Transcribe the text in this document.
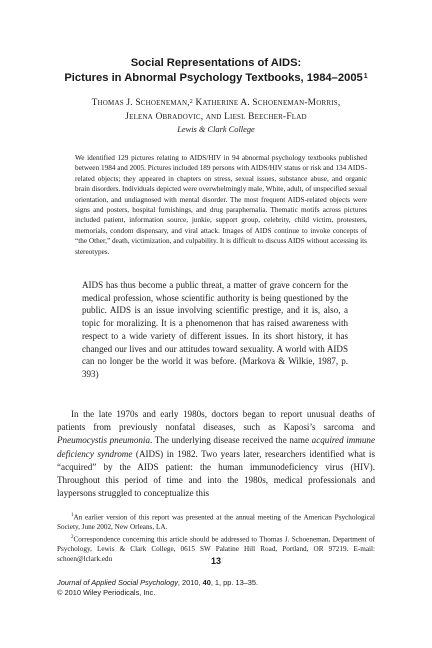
Social Representations of AIDS:
Pictures in Abnormal Psychology Textbooks, 1984–2005$^1$
Thomas J. Schoeneman,$^2$ Katherine A. Schoeneman-Morris,
Jelena Obradovic, and Liesl Beecher-Flad
Lewis & Clark College

We identified 129 pictures relating to AIDS/HIV in 94 abnormal psychology textbooks published between 1984 and 2005. Pictures included 189 persons with AIDS/HIV status or risk and 134 AIDS-related objects; they appeared in chapters on stress, sexual issues, substance abuse, and organic brain disorders. Individuals depicted were overwhelmingly male, White, adult, of unspecified sexual orientation, and undiagnosed with mental disorder. The most frequent AIDS-related objects were signs and posters, hospital furnishings, and drug paraphernalia. Thematic motifs across pictures included patient, information source, junkie, support group, celebrity, child victim, protesters, memorials, condom dispensary, and viral attack. Images of AIDS continue to invoke concepts of “the Other,” death, victimization, and culpability. It is difficult to discuss AIDS without accessing its stereotypes.

AIDS has thus become a public threat, a matter of grave concern for the medical profession, whose scientific authority is being questioned by the public. AIDS is an issue involving scientific prestige, and it is, also, a topic for moralizing. It is a phenomenon that has raised awareness with respect to a wide variety of different issues. In its short history, it has changed our lives and our attitudes toward sexuality. A world with AIDS can no longer be the world it was before. (Markova & Wilkie, 1987, p. 393)

In the late 1970s and early 1980s, doctors began to report unusual deaths of patients from previously nonfatal diseases, such as Kaposi’s sarcoma and Pneumocystis pneumonia. The underlying disease received the name acquired immune deficiency syndrome (AIDS) in 1982. Two years later, researchers identified what is “acquired” by the AIDS patient: the human immunodeficiency virus (HIV). Throughout this period of time and into the 1980s, medical professionals and laypersons struggled to conceptualize this

$^1$An earlier version of this report was presented at the annual meeting of the American Psychological Society, June 2002, New Orleans, LA.

$^2$Correspondence concerning this article should be addressed to Thomas J. Schoeneman, Department of Psychology, Lewis & Clark College, 0615 SW Palatine Hill Road, Portland, OR 97219. E-mail: schoen@lclark.edu	13
Journal of Applied Social Psychology, 2010, 40, 1, pp. 13–35.
© 2010 Wiley Periodicals, Inc.
